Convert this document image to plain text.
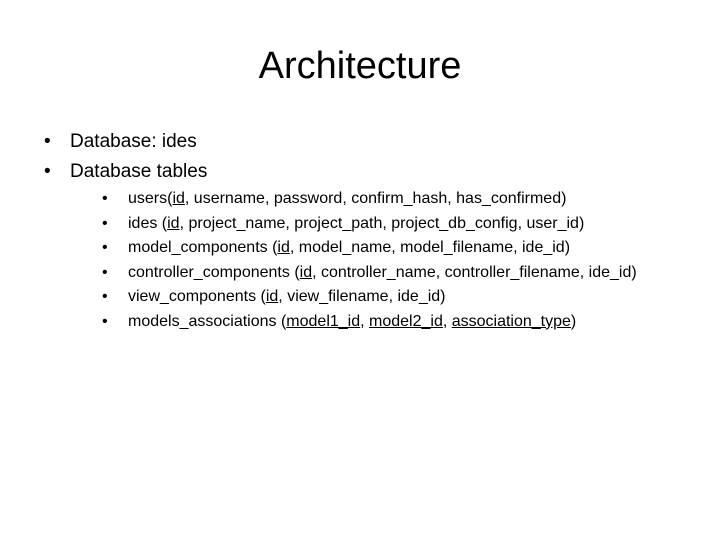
Architecture
• Database: ides
• Database tables
• users(id, username, password, confirm_hash, has_confirmed)
• ides (id, project_name, project_path, project_db_config, user_id)
• model_components (id, model_name, model_filename, ide_id)
• controller_components (id, controller_name, controller_filename, ide_id)
• view_components (id, view_filename, ide_id)
• models_associations (model1_id, model2_id, association_type)
